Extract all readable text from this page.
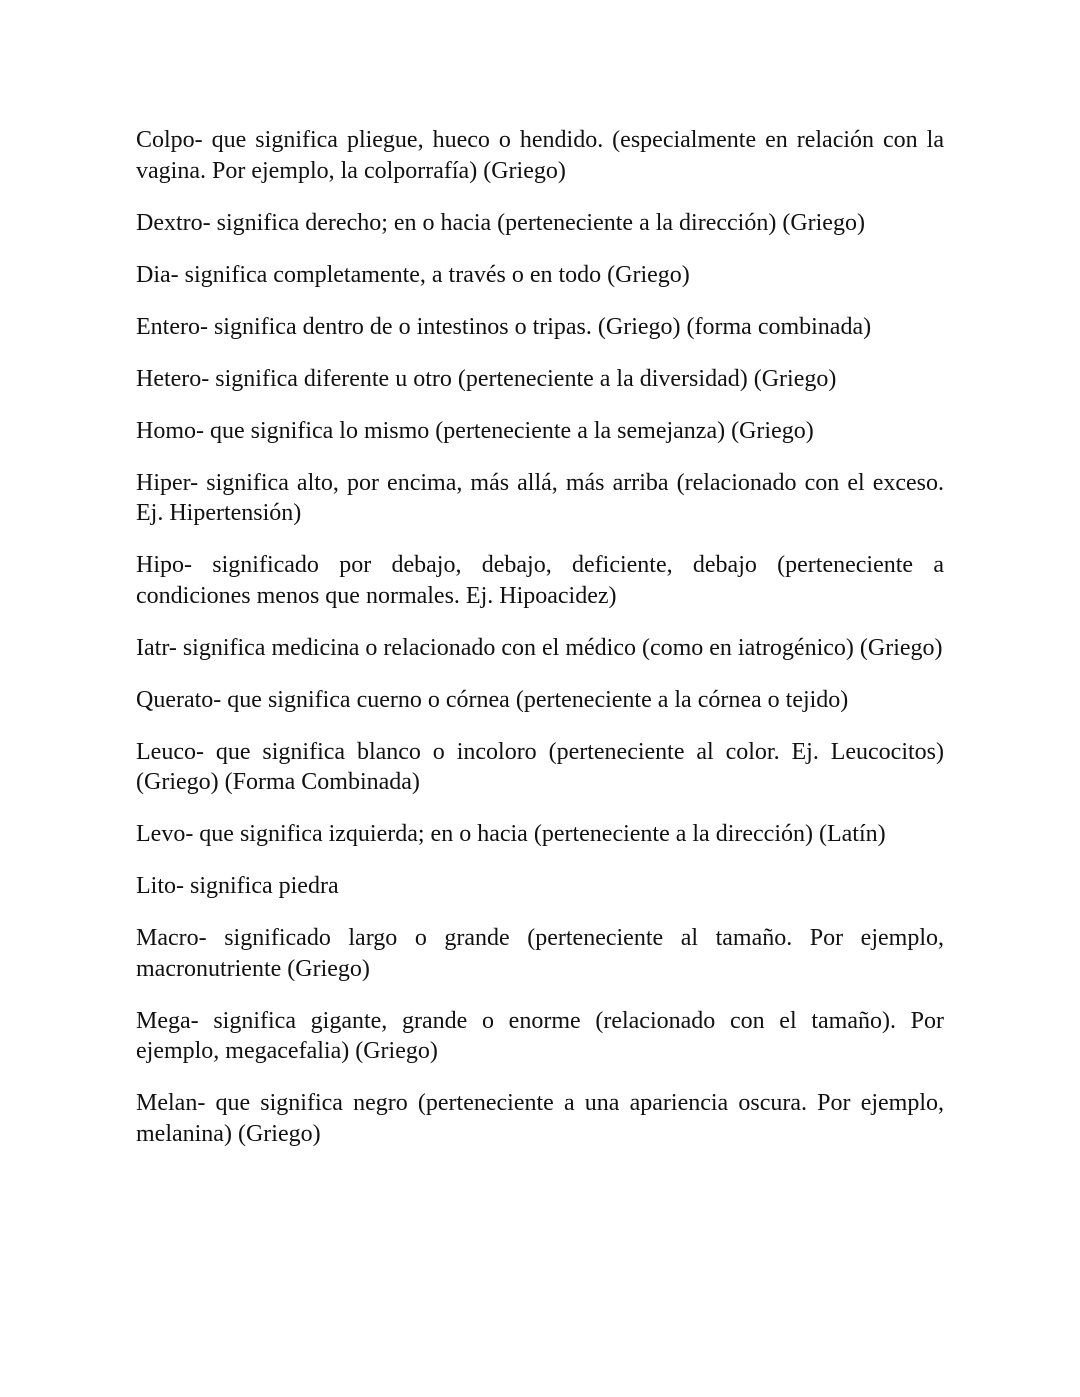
Colpo- que significa pliegue, hueco o hendido. (especialmente en relación con la vagina. Por ejemplo, la colporrafía) (Griego)

Dextro- significa derecho; en o hacia (perteneciente a la dirección) (Griego)

Dia- significa completamente, a través o en todo (Griego)

Entero- significa dentro de o intestinos o tripas. (Griego) (forma combinada)

Hetero- significa diferente u otro (perteneciente a la diversidad) (Griego)

Homo- que significa lo mismo (perteneciente a la semejanza) (Griego)

Hiper- significa alto, por encima, más allá, más arriba (relacionado con el exceso. Ej. Hipertensión)

Hipo- significado por debajo, debajo, deficiente, debajo (perteneciente a condiciones menos que normales. Ej. Hipoacidez)

Iatr- significa medicina o relacionado con el médico (como en iatrogénico) (Griego)

Querato- que significa cuerno o córnea (perteneciente a la córnea o tejido)

Leuco- que significa blanco o incoloro (perteneciente al color. Ej. Leucocitos) (Griego) (Forma Combinada)

Levo- que significa izquierda; en o hacia (perteneciente a la dirección) (Latín)

Lito- significa piedra

Macro- significado largo o grande (perteneciente al tamaño. Por ejemplo, macronutriente (Griego)

Mega- significa gigante, grande o enorme (relacionado con el tamaño). Por ejemplo, megacefalia) (Griego)

Melan- que significa negro (perteneciente a una apariencia oscura. Por ejemplo, melanina) (Griego)
